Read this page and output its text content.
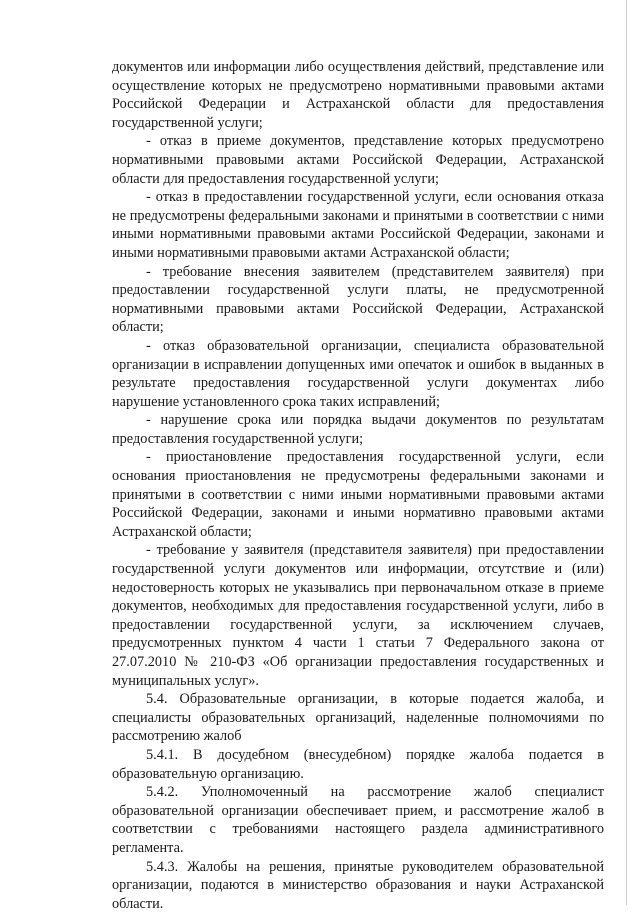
документов или информации либо осуществления действий, представление или осуществление которых не предусмотрено нормативными правовыми актами Российской Федерации и Астраханской области для предоставления государственной услуги;

- отказ в приеме документов, представление которых предусмотрено нормативными правовыми актами Российской Федерации, Астраханской области для предоставления государственной услуги;

- отказ в предоставлении государственной услуги, если основания отказа не предусмотрены федеральными законами и принятыми в соответствии с ними иными нормативными правовыми актами Российской Федерации, законами и иными нормативными правовыми актами Астраханской области;

- требование внесения заявителем (представителем заявителя) при предоставлении государственной услуги платы, не предусмотренной нормативными правовыми актами Российской Федерации, Астраханской области;

- отказ образовательной организации, специалиста образовательной организации в исправлении допущенных ими опечаток и ошибок в выданных в результате предоставления государственной услуги документах либо нарушение установленного срока таких исправлений;

- нарушение срока или порядка выдачи документов по результатам предоставления государственной услуги;

- приостановление предоставления государственной услуги, если основания приостановления не предусмотрены федеральными законами и принятыми в соответствии с ними иными нормативными правовыми актами Российской Федерации, законами и иными нормативно правовыми актами Астраханской области;

- требование у заявителя (представителя заявителя) при предоставлении государственной услуги документов или информации, отсутствие и (или) недостоверность которых не указывались при первоначальном отказе в приеме документов, необходимых для предоставления государственной услуги, либо в предоставлении государственной услуги, за исключением случаев, предусмотренных пунктом 4 части 1 статьи 7 Федерального закона от 27.07.2010 № 210-ФЗ «Об организации предоставления государственных и муниципальных услуг».

5.4. Образовательные организации, в которые подается жалоба, и специалисты образовательных организаций, наделенные полномочиями по рассмотрению жалоб

5.4.1. В досудебном (внесудебном) порядке жалоба подается в образовательную организацию.

5.4.2. Уполномоченный на рассмотрение жалоб специалист образовательной организации обеспечивает прием, и рассмотрение жалоб в соответствии с требованиями настоящего раздела административного регламента.

5.4.3. Жалобы на решения, принятые руководителем образовательной организации, подаются в министерство образования и науки Астраханской области.
